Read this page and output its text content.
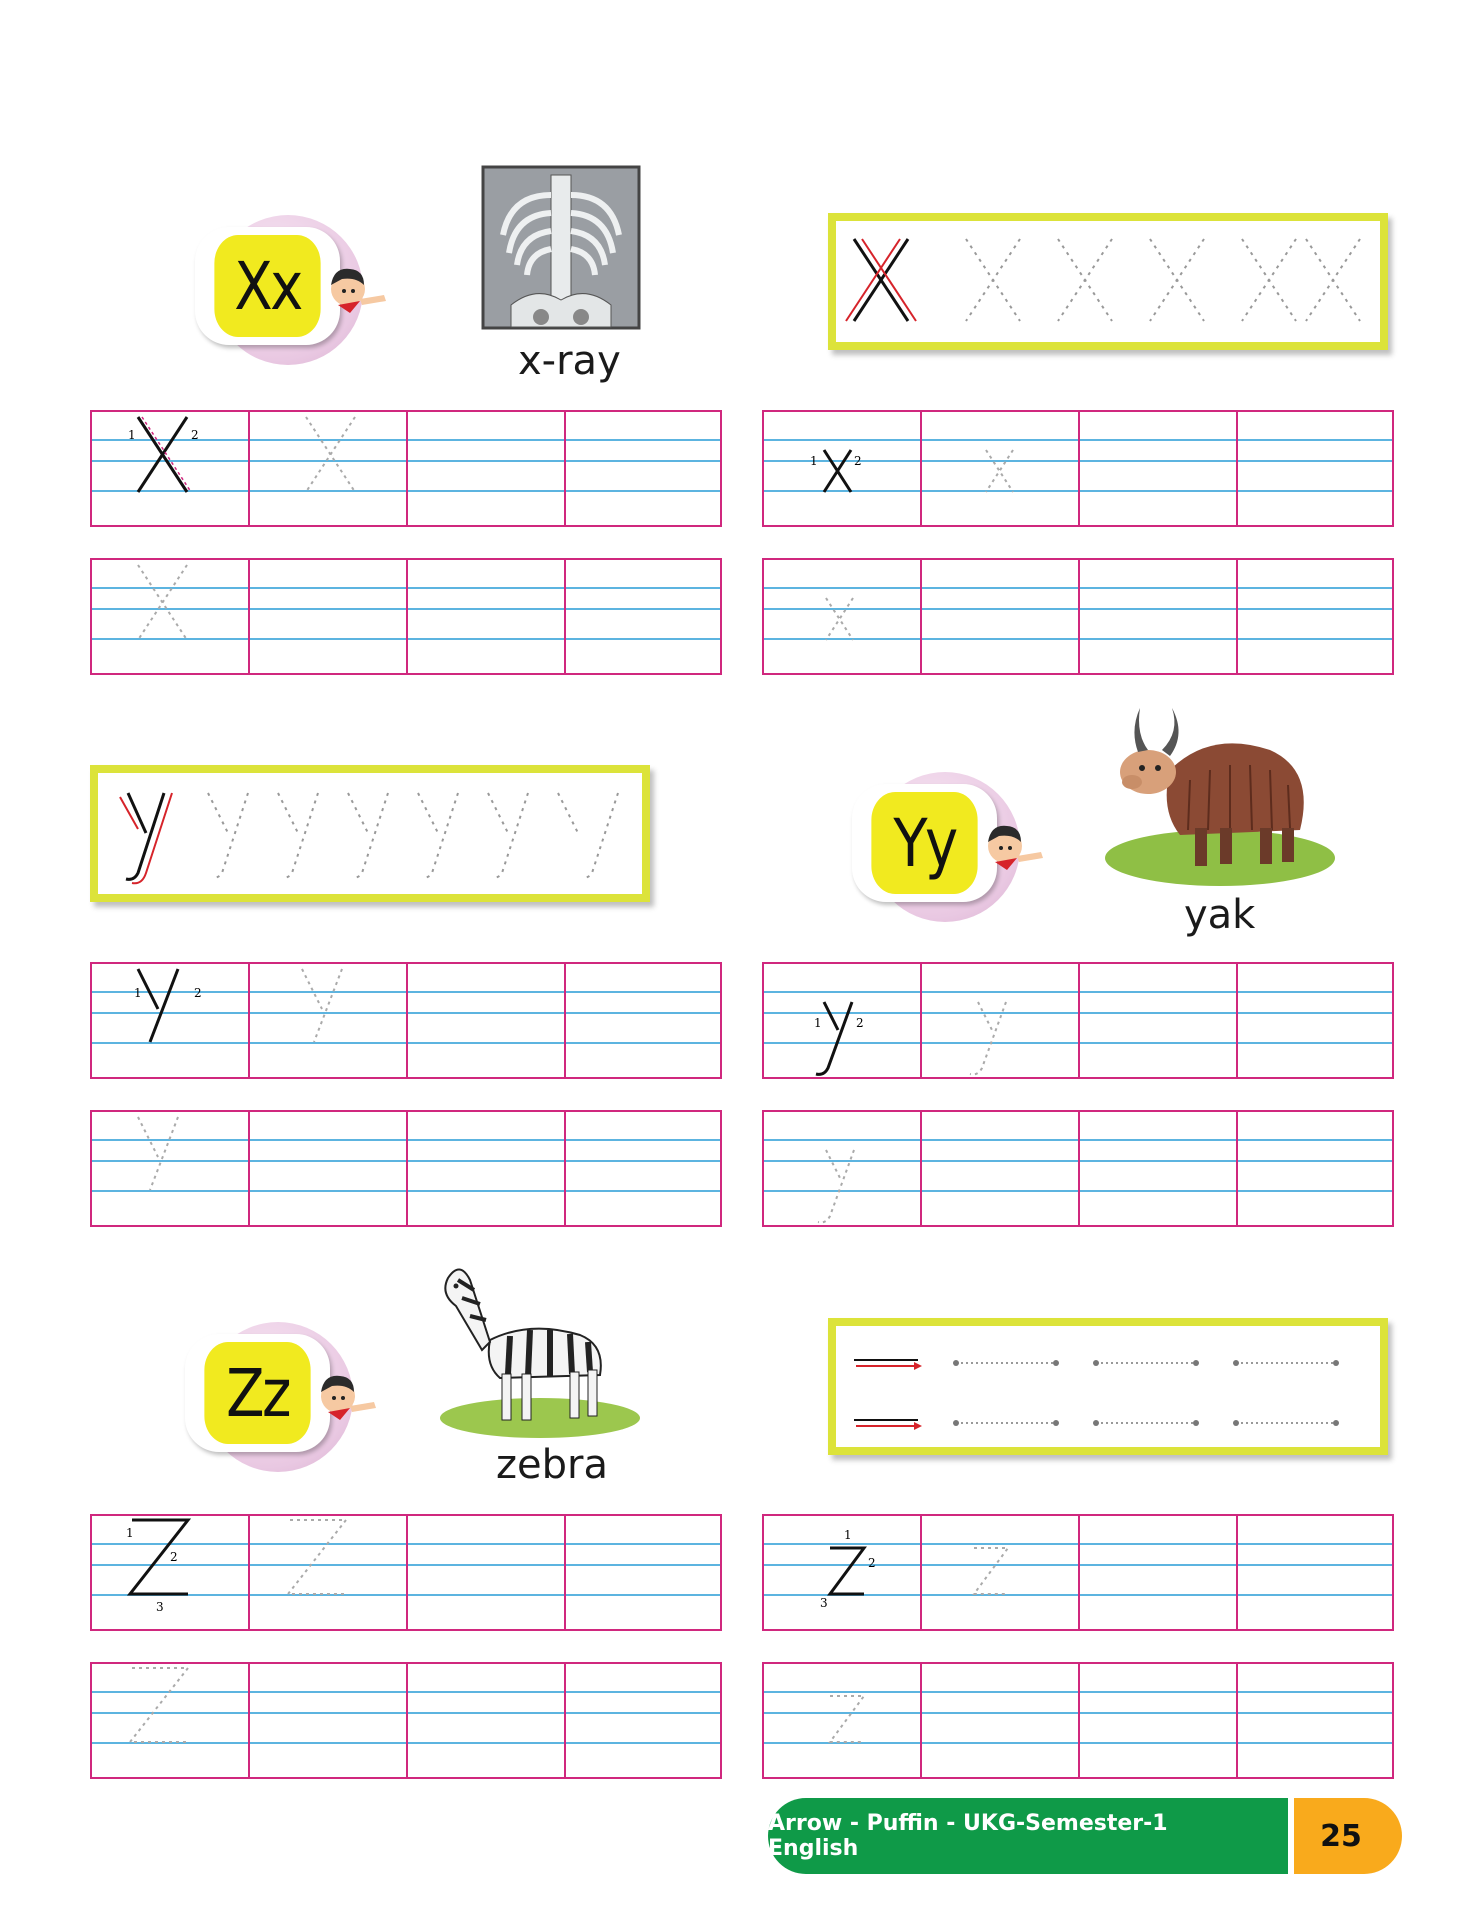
Xx
x-ray
1	2
1	2
Yy
yak
1	2
1	2
Zz
zebra
1
2
3
1
2
3
Arrow - Puffin - UKG-Semester-1 English	25
